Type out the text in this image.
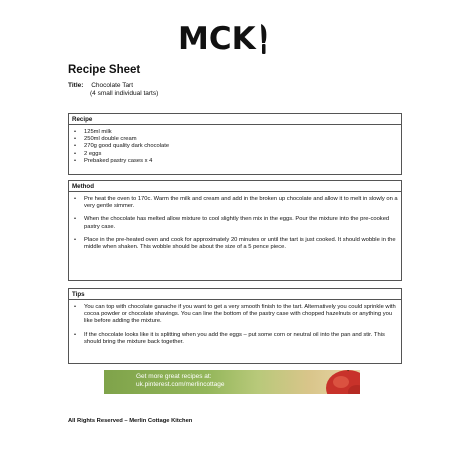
MCK
Recipe Sheet
Title: Chocolate Tart
(4 small individual tarts)
Recipe
• 125ml milk
• 250ml double cream
• 270g good quality dark chocolate
• 2 eggs
• Prebaked pastry cases x 4
Method
• Pre heat the oven to 170c. Warm the milk and cream and add in the broken up chocolate and allow it to melt in slowly on a very gentle simmer.
• When the chocolate has melted allow mixture to cool slightly then mix in the eggs. Pour the mixture into the pre-cooked pastry case.
• Place in the pre-heated oven and cook for approximately 20 minutes or until the tart is just cooked. It should wobble in the middle when shaken. This wobble should be about the size of a 5 pence piece.
Tips
• You can top with chocolate ganache if you want to get a very smooth finish to the tart. Alternatively you could sprinkle with cocoa powder or chocolate shavings. You can line the bottom of the pastry case with chopped hazelnuts or anything you like before adding the mixture.
• If the chocolate looks like it is splitting when you add the eggs – put some corn or neutral oil into the pan and stir. This should bring the mixture back together.
Get more great recipes at:
uk.pinterest.com/merlincottage
All Rights Reserved – Merlin Cottage Kitchen
